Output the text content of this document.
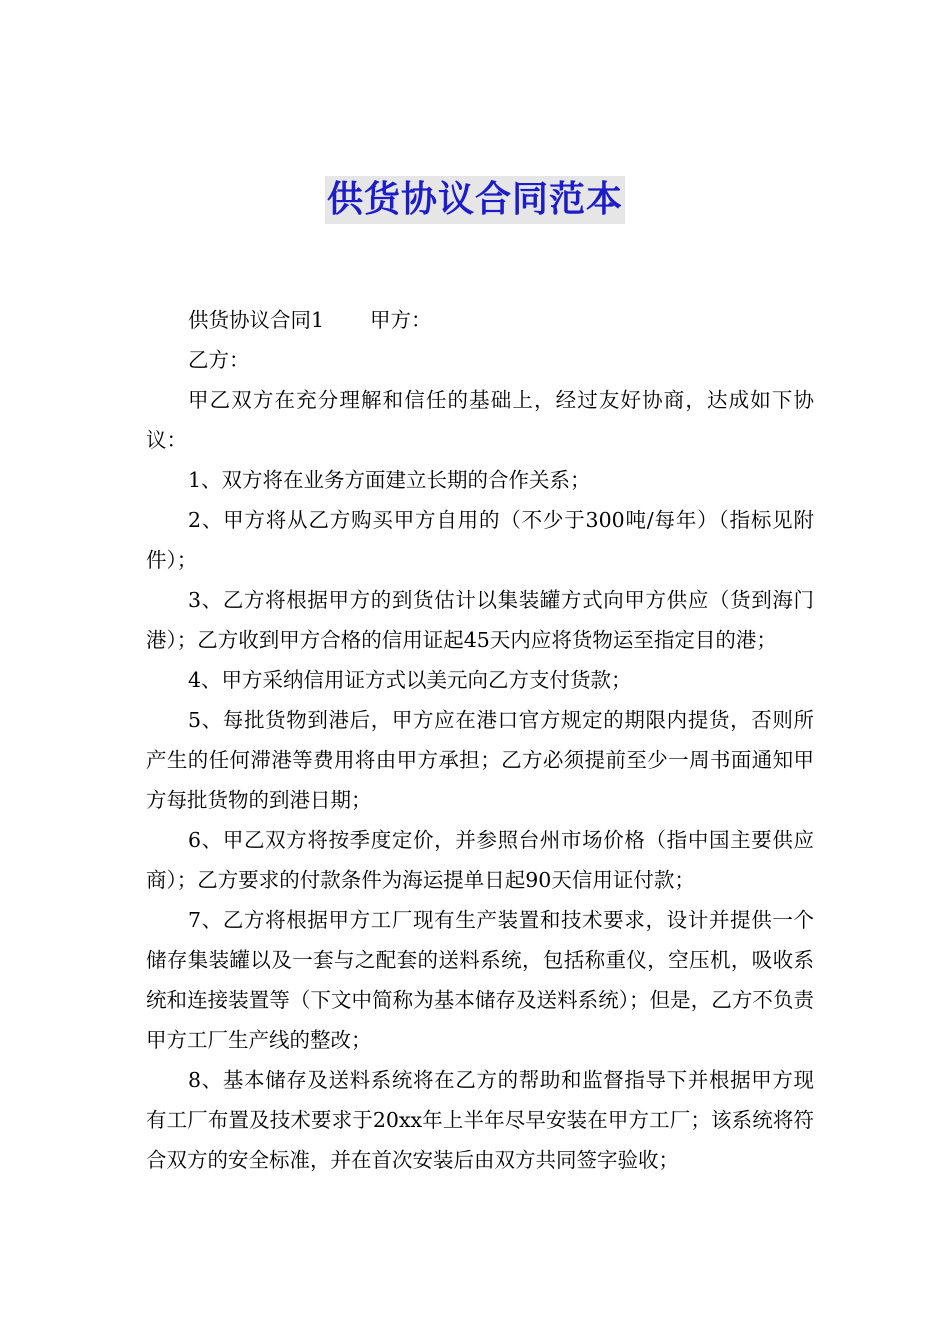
供货协议合同范本

供货协议合同1 甲方：

乙方：

甲乙双方在充分理解和信任的基础上，经过友好协商，达成如下协议：

1、双方将在业务方面建立长期的合作关系；

2、甲方将从乙方购买甲方自用的（不少于300吨/每年）（指标见附件）；

3、乙方将根据甲方的到货估计以集装罐方式向甲方供应（货到海门港）；乙方收到甲方合格的信用证起45天内应将货物运至指定目的港；

4、甲方采纳信用证方式以美元向乙方支付货款；

5、每批货物到港后，甲方应在港口官方规定的期限内提货，否则所产生的任何滞港等费用将由甲方承担；乙方必须提前至少一周书面通知甲方每批货物的到港日期；

6、甲乙双方将按季度定价，并参照台州市场价格（指中国主要供应商）；乙方要求的付款条件为海运提单日起90天信用证付款；

7、乙方将根据甲方工厂现有生产装置和技术要求，设计并提供一个储存集装罐以及一套与之配套的送料系统，包括称重仪，空压机，吸收系统和连接装置等（下文中简称为基本储存及送料系统）；但是，乙方不负责甲方工厂生产线的整改；

8、基本储存及送料系统将在乙方的帮助和监督指导下并根据甲方现有工厂布置及技术要求于20xx年上半年尽早安装在甲方工厂；该系统将符合双方的安全标准，并在首次安装后由双方共同签字验收；
